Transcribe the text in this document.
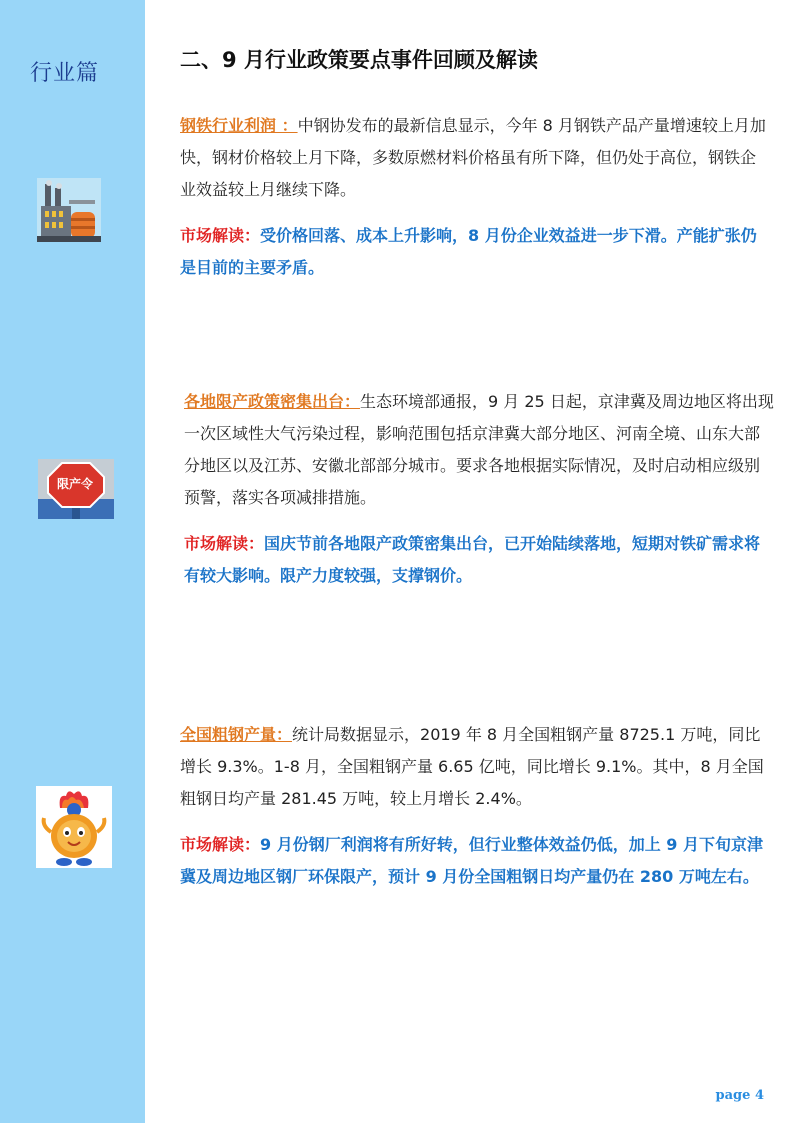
行业篇
限产令
二、9 月行业政策要点事件回顾及解读

钢铁行业利润 ：中钢协发布的最新信息显示，今年 8 月钢铁产品产量增速较上月加快，钢材价格较上月下降，多数原燃材料价格虽有所下降，但仍处于高位，钢铁企业效益较上月继续下降。

市场解读：受价格回落、成本上升影响，8 月份企业效益进一步下滑。产能扩张仍是目前的主要矛盾。

各地限产政策密集出台：生态环境部通报，9 月 25 日起，京津冀及周边地区将出现一次区域性大气污染过程，影响范围包括京津冀大部分地区、河南全境、山东大部分地区以及江苏、安徽北部部分城市。要求各地根据实际情况，及时启动相应级别预警，落实各项减排措施。

市场解读：国庆节前各地限产政策密集出台，已开始陆续落地，短期对铁矿需求将有较大影响。限产力度较强，支撑钢价。

全国粗钢产量：统计局数据显示，2019 年 8 月全国粗钢产量 8725.1 万吨，同比增长 9.3%。1-8 月，全国粗钢产量 6.65 亿吨，同比增长 9.1%。其中，8 月全国粗钢日均产量 281.45 万吨，较上月增长 2.4%。

市场解读：9 月份钢厂利润将有所好转，但行业整体效益仍低，加上 9 月下旬京津冀及周边地区钢厂环保限产，预计 9 月份全国粗钢日均产量仍在 280 万吨左右。

page 4
